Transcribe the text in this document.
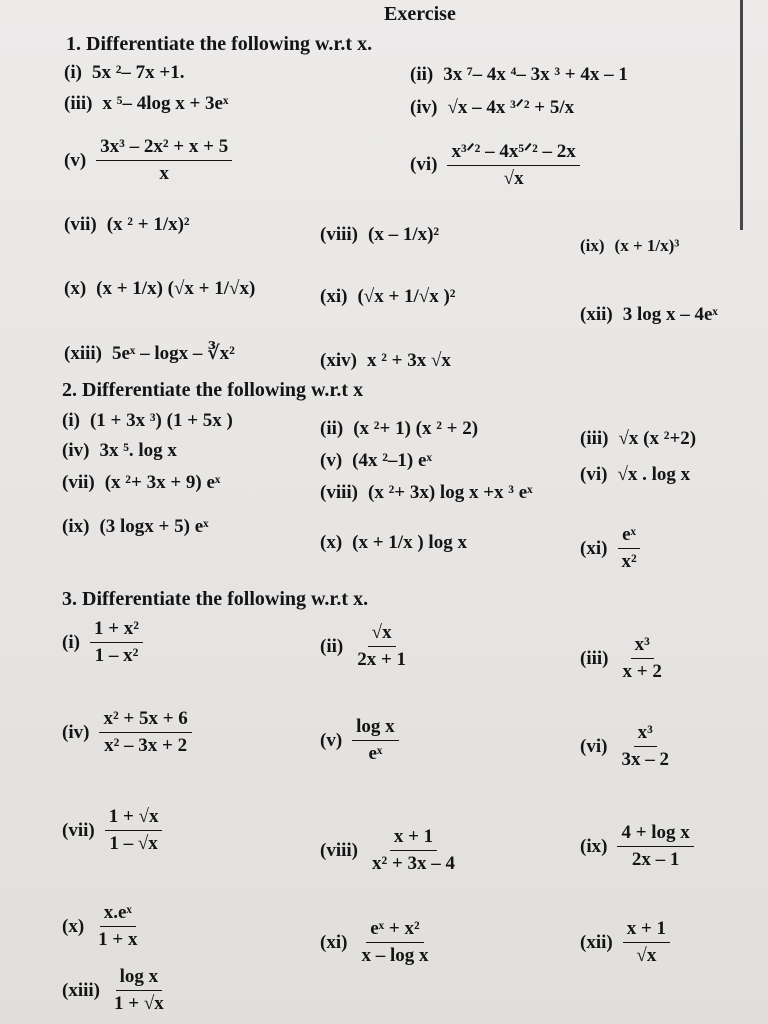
Exercise
1. Differentiate the following w.r.t x.
(i) 5x ²– 7x +1.	(ii) 3x ⁷– 4x ⁴– 3x ³ + 4x – 1
(iii) x ⁵– 4log x + 3eˣ	(iv) √x – 4x ³ᐟ² + 5/x
$(v) \frac{\text{3x³ – 2x² + x + 5}}{x}$	$(vi) \frac{\text{x³ᐟ² – 4x⁵ᐟ² – 2x}}{√x}$
(vii) (x ² + 1/x)²	(viii) (x – 1/x)²
(ix) (x + 1/x)³
(x) (x + 1/x) (√x + 1/√x)	(xi) (√x + 1/√x )²
(xii) 3 log x – 4eˣ
(xiii) 5eˣ – logx – ∛x²	(xiv) x ² + 3x √x
2. Differentiate the following w.r.t x
(i) (1 + 3x ³) (1 + 5x )	(ii) (x ²+ 1) (x ² + 2)	(iii) √x (x ²+2)
(iv) 3x ⁵. log x	(v) (4x ²–1) eˣ
(vi) √x . log x
(vii) (x ²+ 3x + 9) eˣ	(viii) (x ²+ 3x) log x +x ³ eˣ
(ix) (3 logx + 5) eˣ
(x) (x + 1/x ) log x	$(xi) \frac{\text{eˣ}}{\text{x²}}$
3. Differentiate the following w.r.t x.
$(i) \frac{\text{1 + x²}}{\text{1 – x²}}$	$(ii) \frac{√x}{2x + 1}$	$(iii) \frac{\text{x³}}{x + 2}$
$(iv) \frac{\text{x² + 5x + 6}}{\text{x² – 3x + 2}}$	$(v) \frac{\text{log x}}{\text{eˣ}}$	$(vi) \frac{\text{x³}}{3x - 2}$
$(vii) \frac{1 + √x}{1 - √x}$	(viii) $\frac{x + 1}{\text{x² + 3x – 4}}$	$(ix) \frac{\text{4 + log x}}{2x - 1}$
$(x) \frac{\text{x.eˣ}}{1 + x}$	$(xi) \frac{\text{eˣ + x²}}{\text{x – log x}}$	$(xii) \frac{x + 1}{√x}$
(xiii) $\frac{\text{log x}}{1 + √x}$
